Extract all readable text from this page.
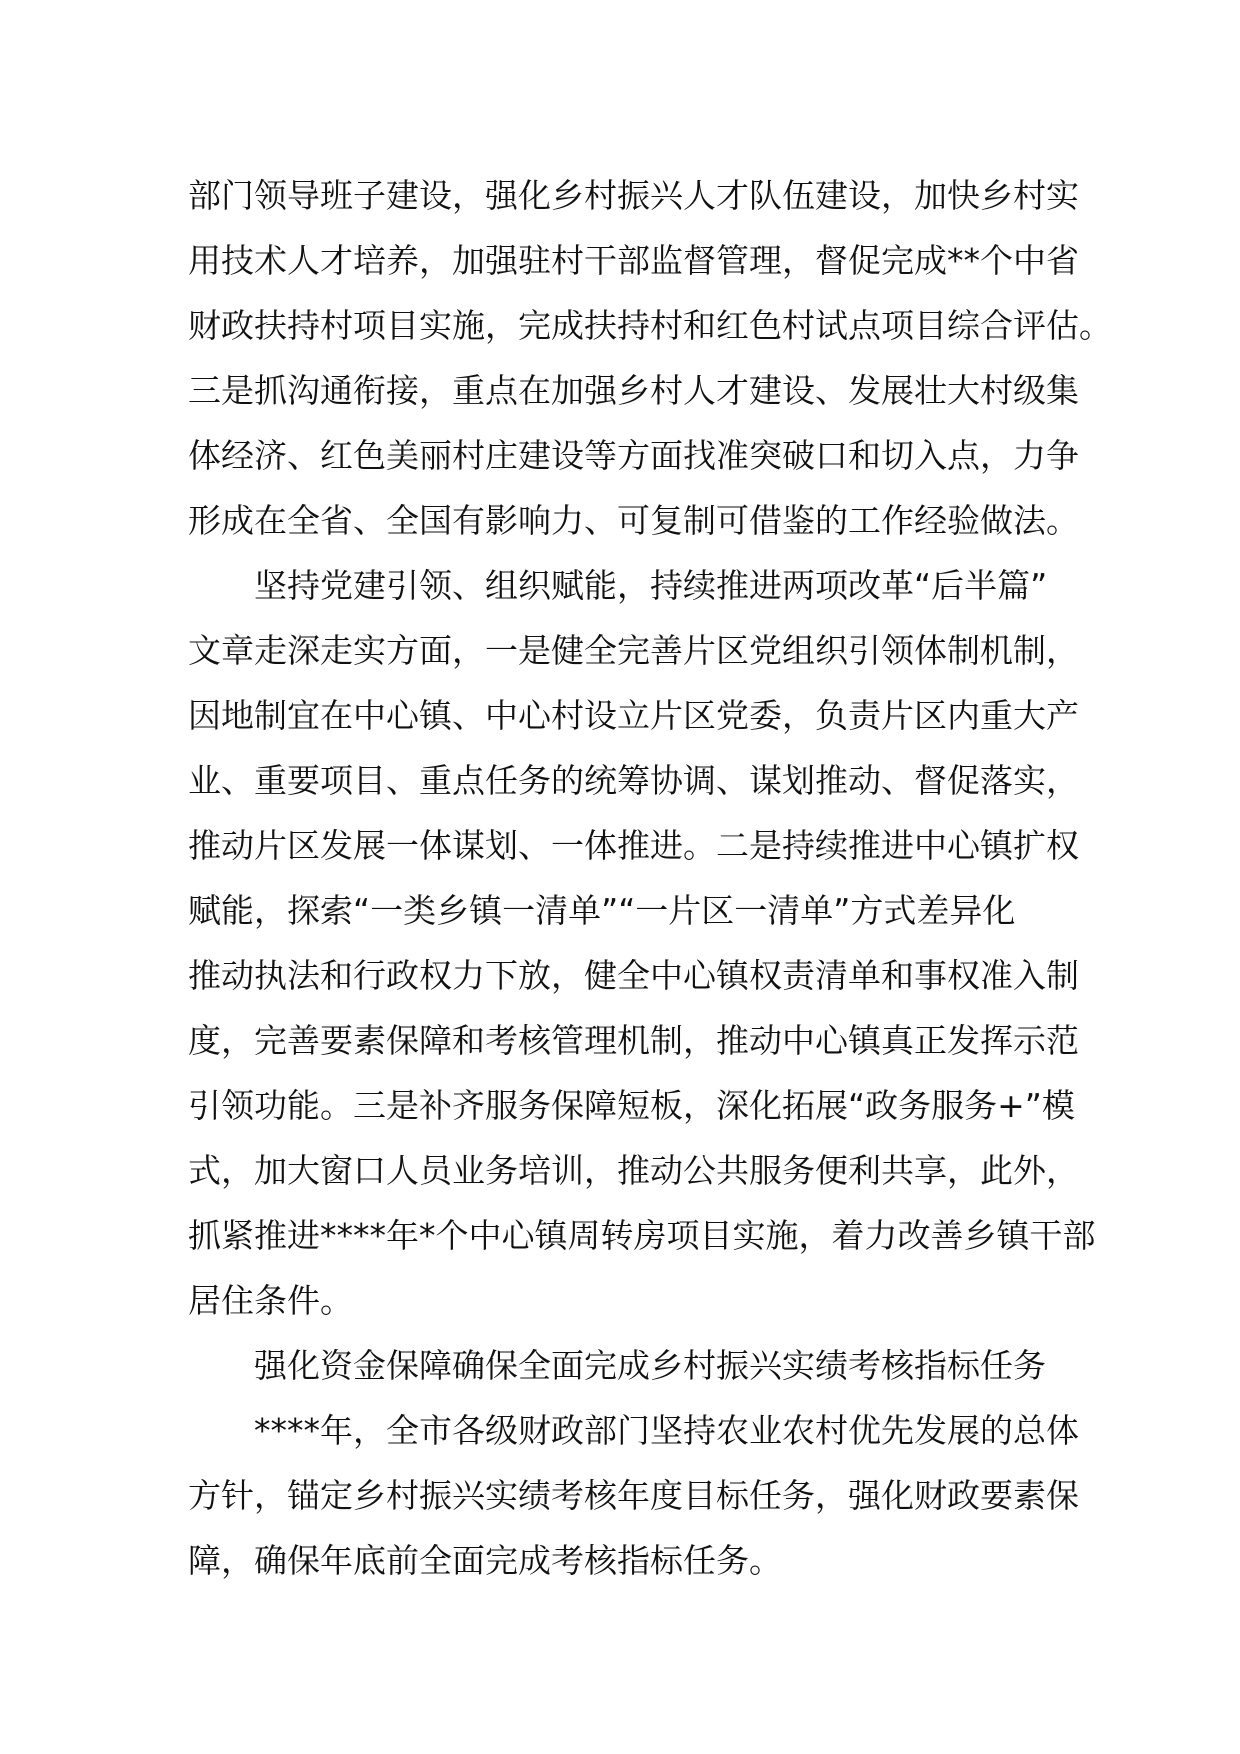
部门领导班子建设，强化乡村振兴人才队伍建设，加快乡村实
用技术人才培养，加强驻村干部监督管理，督促完成**个中省
财政扶持村项目实施，完成扶持村和红色村试点项目综合评估。
三是抓沟通衔接，重点在加强乡村人才建设、发展壮大村级集
体经济、红色美丽村庄建设等方面找准突破口和切入点，力争
形成在全省、全国有影响力、可复制可借鉴的工作经验做法。
坚持党建引领、组织赋能，持续推进两项改革“后半篇”
文章走深走实方面，一是健全完善片区党组织引领体制机制，
因地制宜在中心镇、中心村设立片区党委，负责片区内重大产
业、重要项目、重点任务的统筹协调、谋划推动、督促落实，
推动片区发展一体谋划、一体推进。二是持续推进中心镇扩权
赋能，探索“一类乡镇一清单”“一片区一清单”方式差异化
推动执法和行政权力下放，健全中心镇权责清单和事权准入制
度，完善要素保障和考核管理机制，推动中心镇真正发挥示范
引领功能。三是补齐服务保障短板，深化拓展“政务服务+”模
式，加大窗口人员业务培训，推动公共服务便利共享，此外，
抓紧推进****年*个中心镇周转房项目实施，着力改善乡镇干部
居住条件。
强化资金保障确保全面完成乡村振兴实绩考核指标任务
****年，全市各级财政部门坚持农业农村优先发展的总体
方针，锚定乡村振兴实绩考核年度目标任务，强化财政要素保
障，确保年底前全面完成考核指标任务。
